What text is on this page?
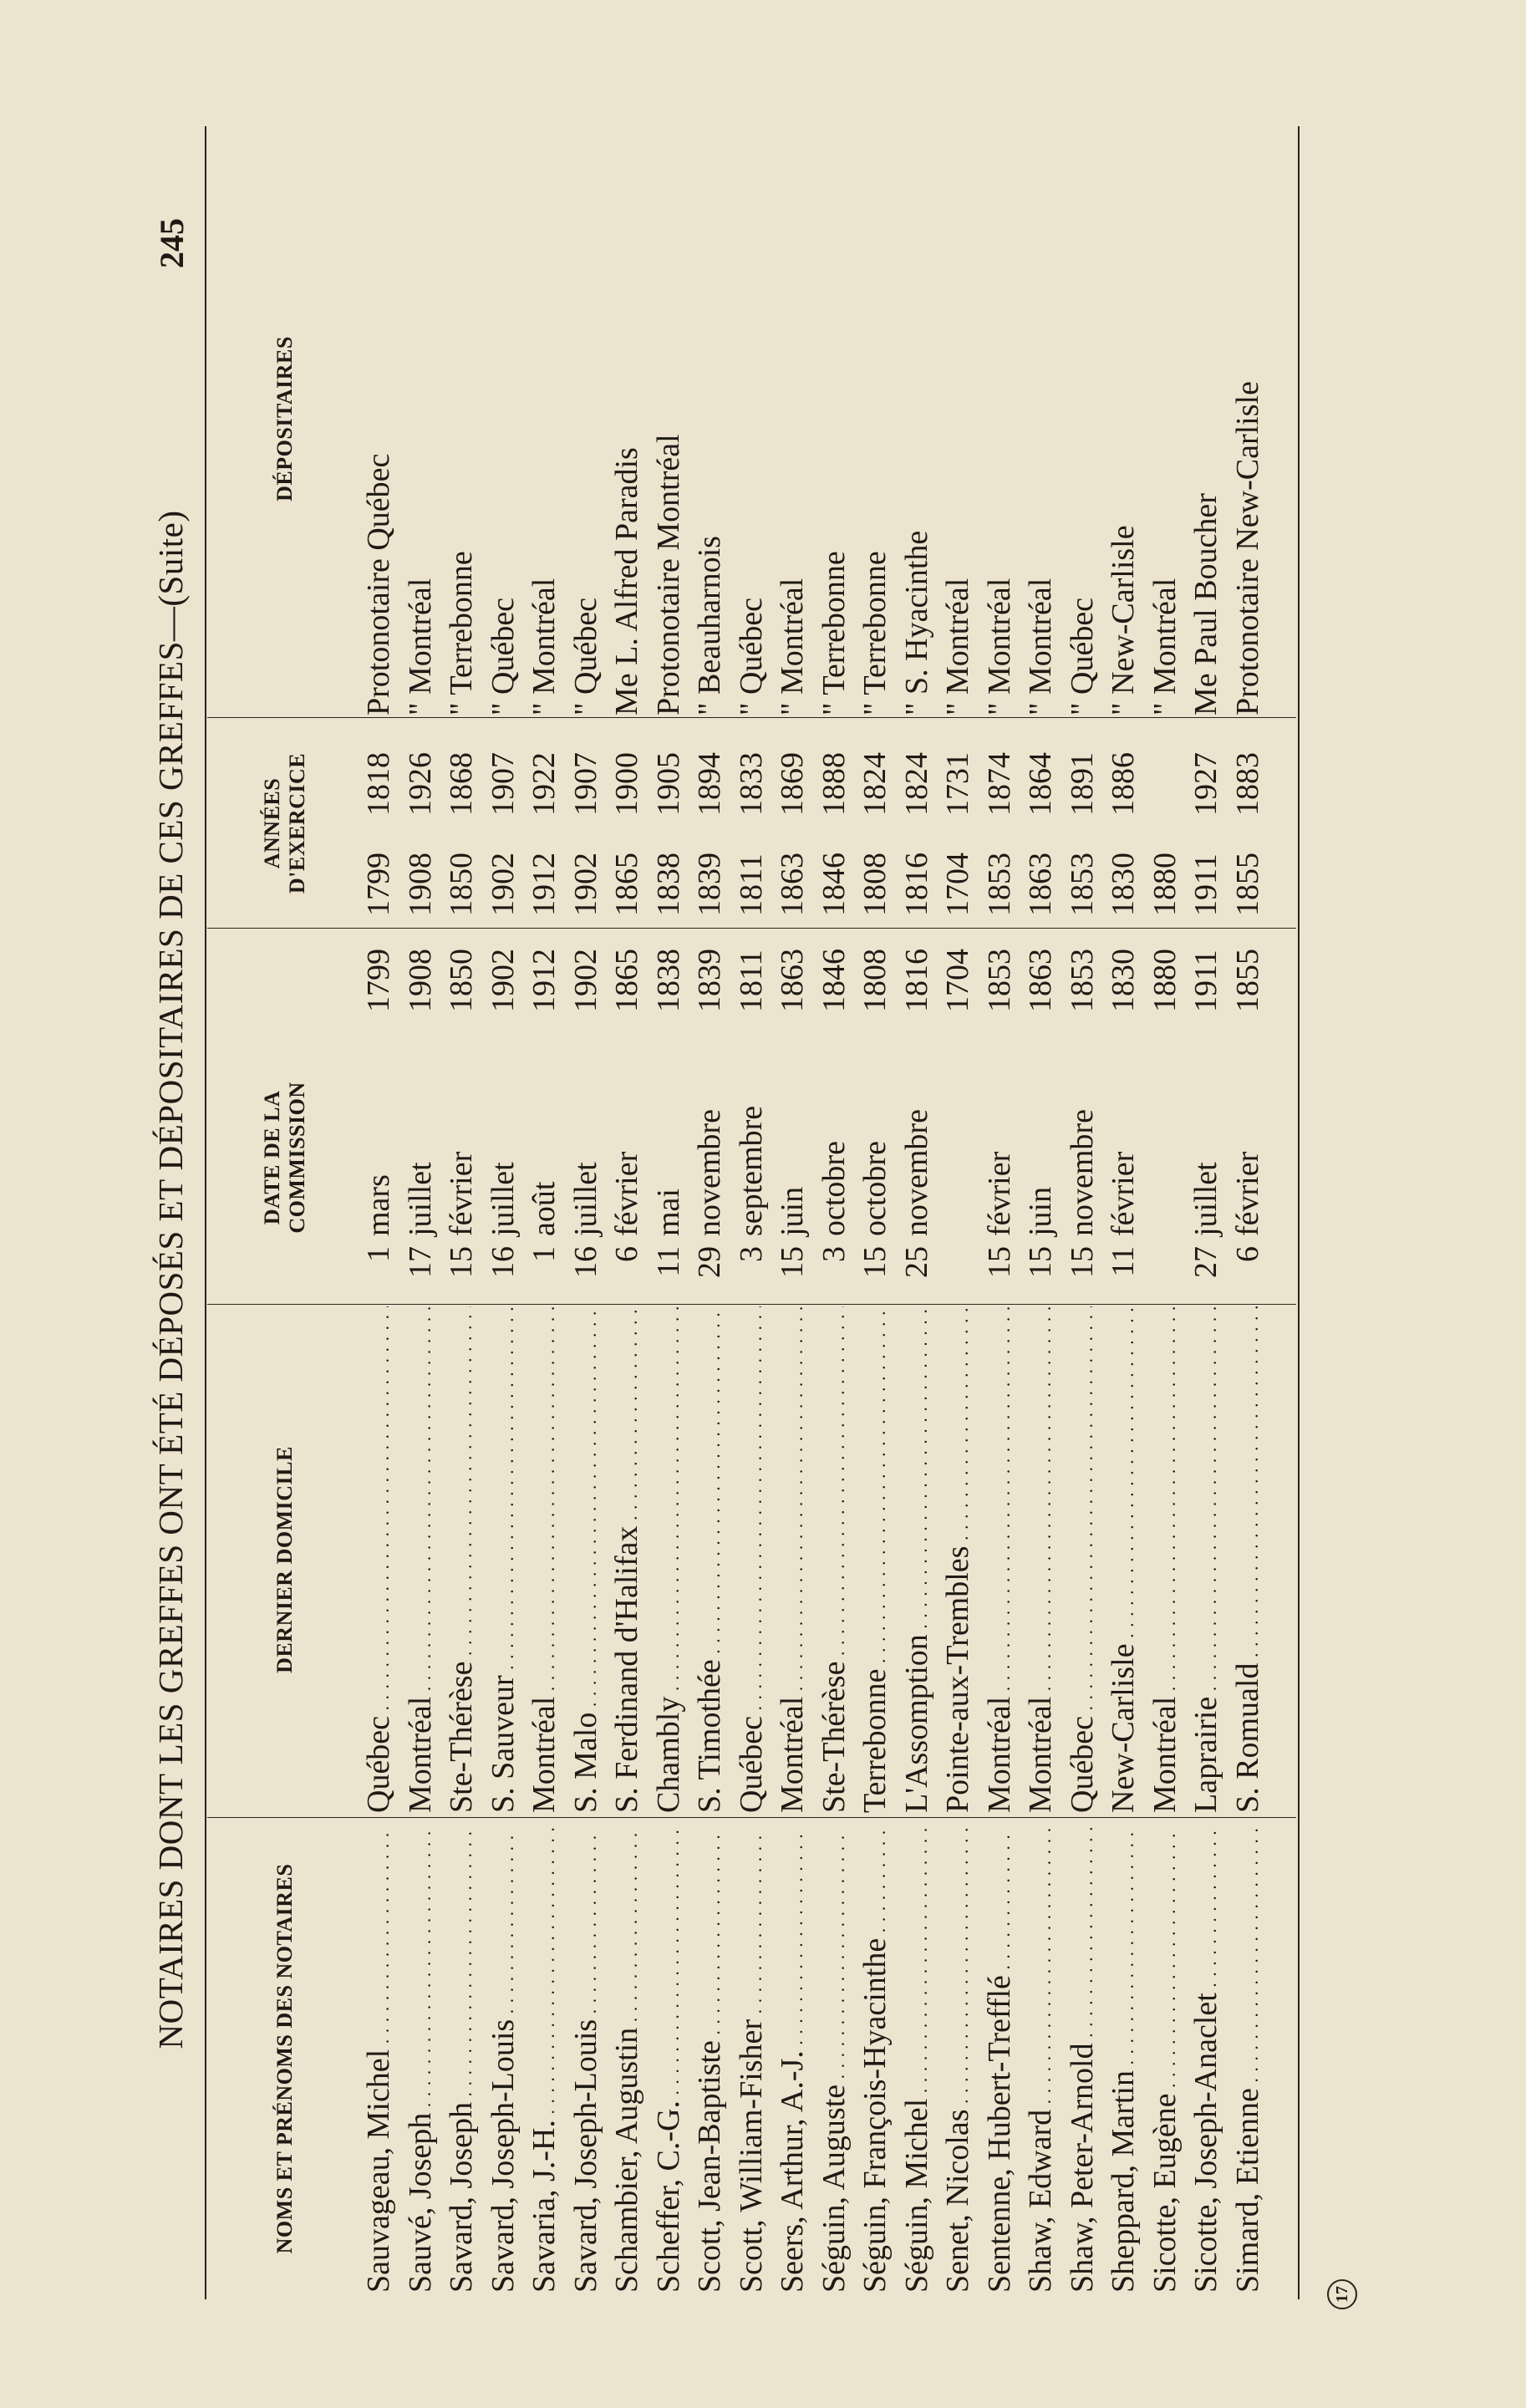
NOTAIRES DONT LES GREFFES ONT ÉTÉ DÉPOSÉS ET DÉPOSITAIRES DE CES GREFFES—(Suite)
245
NOMS ET PRÉNOMS DES NOTAIRES
DERNIER DOMICILE
DATE DE LA COMMISSION
ANNÉES D'EXERCICE
DÉPOSITAIRES
Sauvageau, Michel . . .
Québec . . .
1
mars
1799
1799
1818
Protonotaire Québec
Sauvé, Joseph . . .
Montréal . . .
17
juillet
1908
1908
1926
" Montréal
Savard, Joseph . . .
Ste-Thérèse . . .
15
février
1850
1850
1868
" Terrebonne
Savard, Joseph-Louis . . .
S. Sauveur . . .
16
juillet
1902
1902
1907
" Québec
Savaria, J.-H. . . .
Montréal . . .
1
août
1912
1912
1922
" Montréal
Savard, Joseph-Louis . . .
S. Malo . . .
16
juillet
1902
1902
1907
" Québec
Schambier, Augustin . . .
S. Ferdinand d'Halifax . . .
6
février
1865
1865
1900
Me L. Alfred Paradis
Scheffer, C.-G. . . .
Chambly . . .
11
mai
1838
1838
1905
Protonotaire Montréal
Scott, Jean-Baptiste . . .
S. Timothée . . .
29
novembre
1839
1839
1894
" Beauharnois
Scott, William-Fisher . . .
Québec . . .
3
septembre
1811
1811
1833
" Québec
Seers, Arthur, A.-J. . . .
Montréal . . .
15
juin
1863
1863
1869
" Montréal
Séguin, Auguste . . .
Ste-Thérèse . . .
3
octobre
1846
1846
1888
" Terrebonne
Séguin, François-Hyacinthe . . .
Terrebonne . . .
15
octobre
1808
1808
1824
" Terrebonne
Séguin, Michel . . .
L'Assomption . . .
25
novembre
1816
1816
1824
" S. Hyacinthe
Senet, Nicolas . . .
Pointe-aux-Trembles . . .
1704
1704
1731
" Montréal
Sentenne, Hubert-Trefflé . . .
Montréal . . .
15
février
1853
1853
1874
" Montréal
Shaw, Edward . . .
Montréal . . .
15
juin
1863
1863
1864
" Montréal
Shaw, Peter-Arnold . . .
Québec . . .
15
novembre
1853
1853
1891
" Québec
Sheppard, Martin . . .
New-Carlisle . . .
11
février
1830
1830
1886
" New-Carlisle
Sicotte, Eugène . . .
Montréal . . .
1880
1880
" Montréal
Sicotte, Joseph-Anaclet . . .
Laprairie . . .
27
juillet
1911
1911
1927
Me Paul Boucher
Simard, Etienne . . .
S. Romuald . . .
6
février
1855
1855
1883
Protonotaire New-Carlisle
17
